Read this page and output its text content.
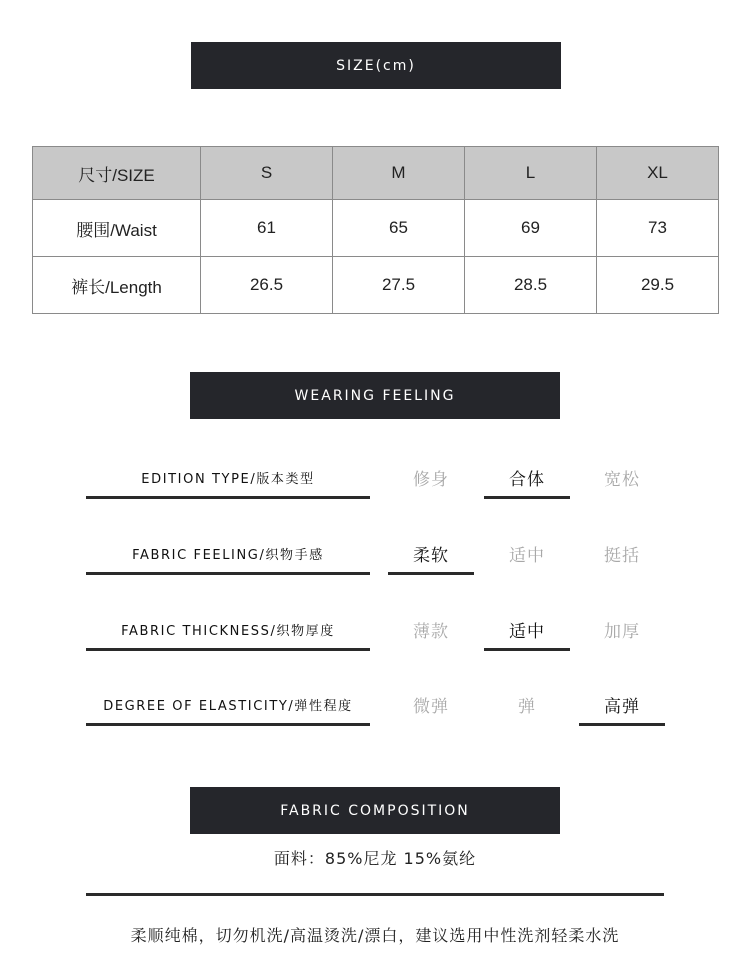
SIZE(cm)
尺寸/SIZE	S	M	L	XL
腰围/Waist	61	65	69	73
裤长/Length	26.5	27.5	28.5	29.5
WEARING FEELING
EDITION TYPE/版本类型	修身	合体	宽松
FABRIC FEELING/织物手感	柔软	适中	挺括
FABRIC THICKNESS/织物厚度	薄款	适中	加厚
DEGREE OF ELASTICITY/弹性程度	微弹	弹	高弹
FABRIC COMPOSITION
面料：85%尼龙 15%氨纶
柔顺纯棉，切勿机洗/高温烫洗/漂白，建议选用中性洗剂轻柔水洗
